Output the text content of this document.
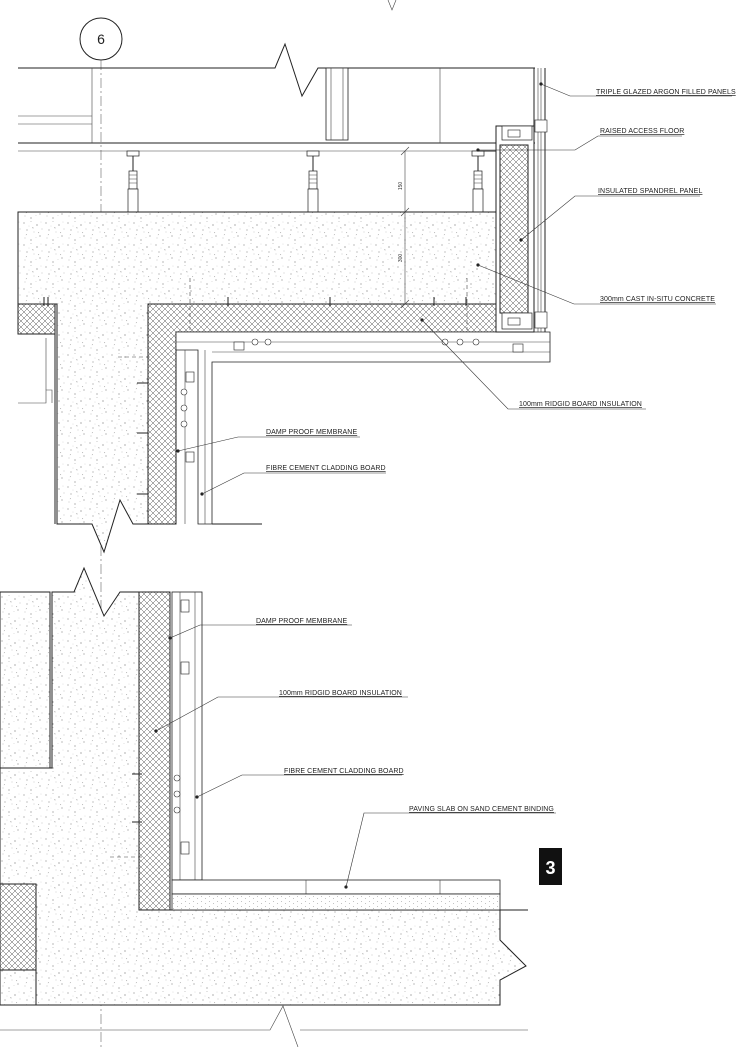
6
150
300
TRIPLE GLAZED ARGON FILLED PANELS
RAISED ACCESS FLOOR
INSULATED SPANDREL PANEL
300mm CAST IN-SITU CONCRETE
100mm RIDGID BOARD INSULATION
DAMP PROOF MEMBRANE
FIBRE CEMENT CLADDING BOARD
DAMP PROOF MEMBRANE
100mm RIDGID BOARD INSULATION
FIBRE CEMENT CLADDING BOARD
PAVING SLAB ON SAND CEMENT BINDING
3
